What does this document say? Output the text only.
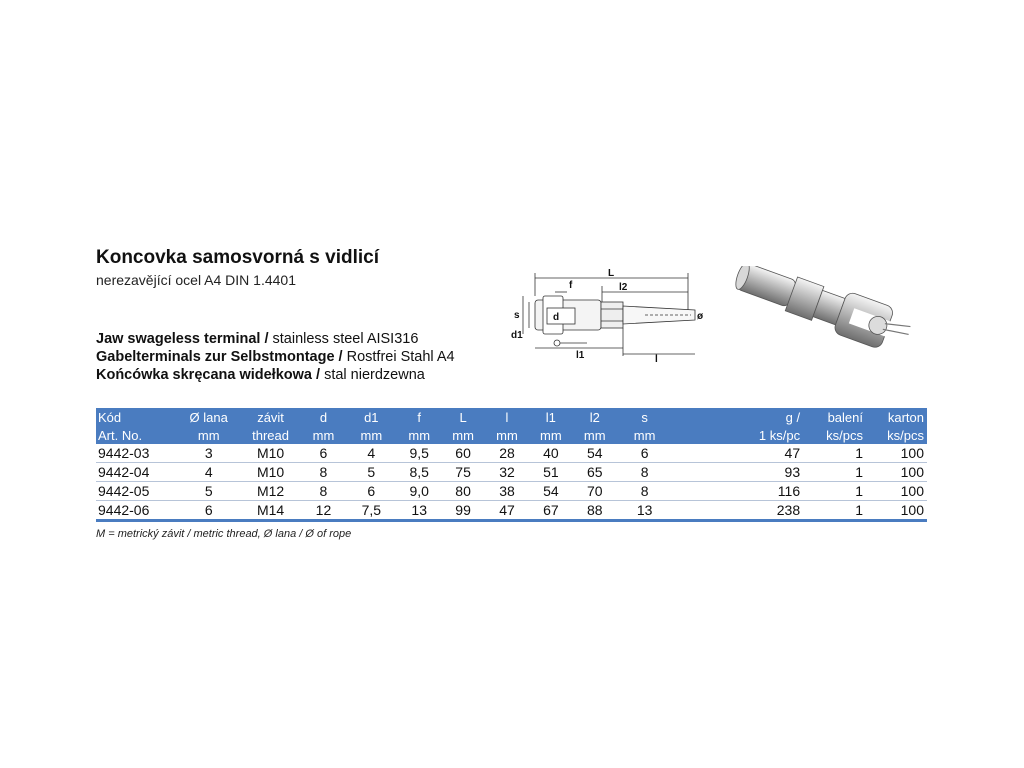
Koncovka samosvorná s vidlicí
nerezavějící ocel A4 DIN 1.4401
Jaw swageless terminal / stainless steel AISI316
Gabelterminals zur Selbstmontage / Rostfrei Stahl A4
Końcówka skręcana widełkowa / stal nierdzewna
L
f	l2
s	d
d1
l1	l
ø
Kód	Ø lana	závit	d	d1	f	L	l	l1	l2	s	g /	balení	karton
Art. No.	mm	thread	mm	mm	mm	mm	mm	mm	mm	mm	1 ks/pc	ks/pcs	ks/pcs
9442-03	3	M10	6	4	9,5	60	28	40	54	6	47	1	100
9442-04	4	M10	8	5	8,5	75	32	51	65	8	93	1	100
9442-05	5	M12	8	6	9,0	80	38	54	70	8	116	1	100
9442-06	6	M14	12	7,5	13	99	47	67	88	13	238	1	100
M = metrický závit / metric thread, Ø lana / Ø of rope
